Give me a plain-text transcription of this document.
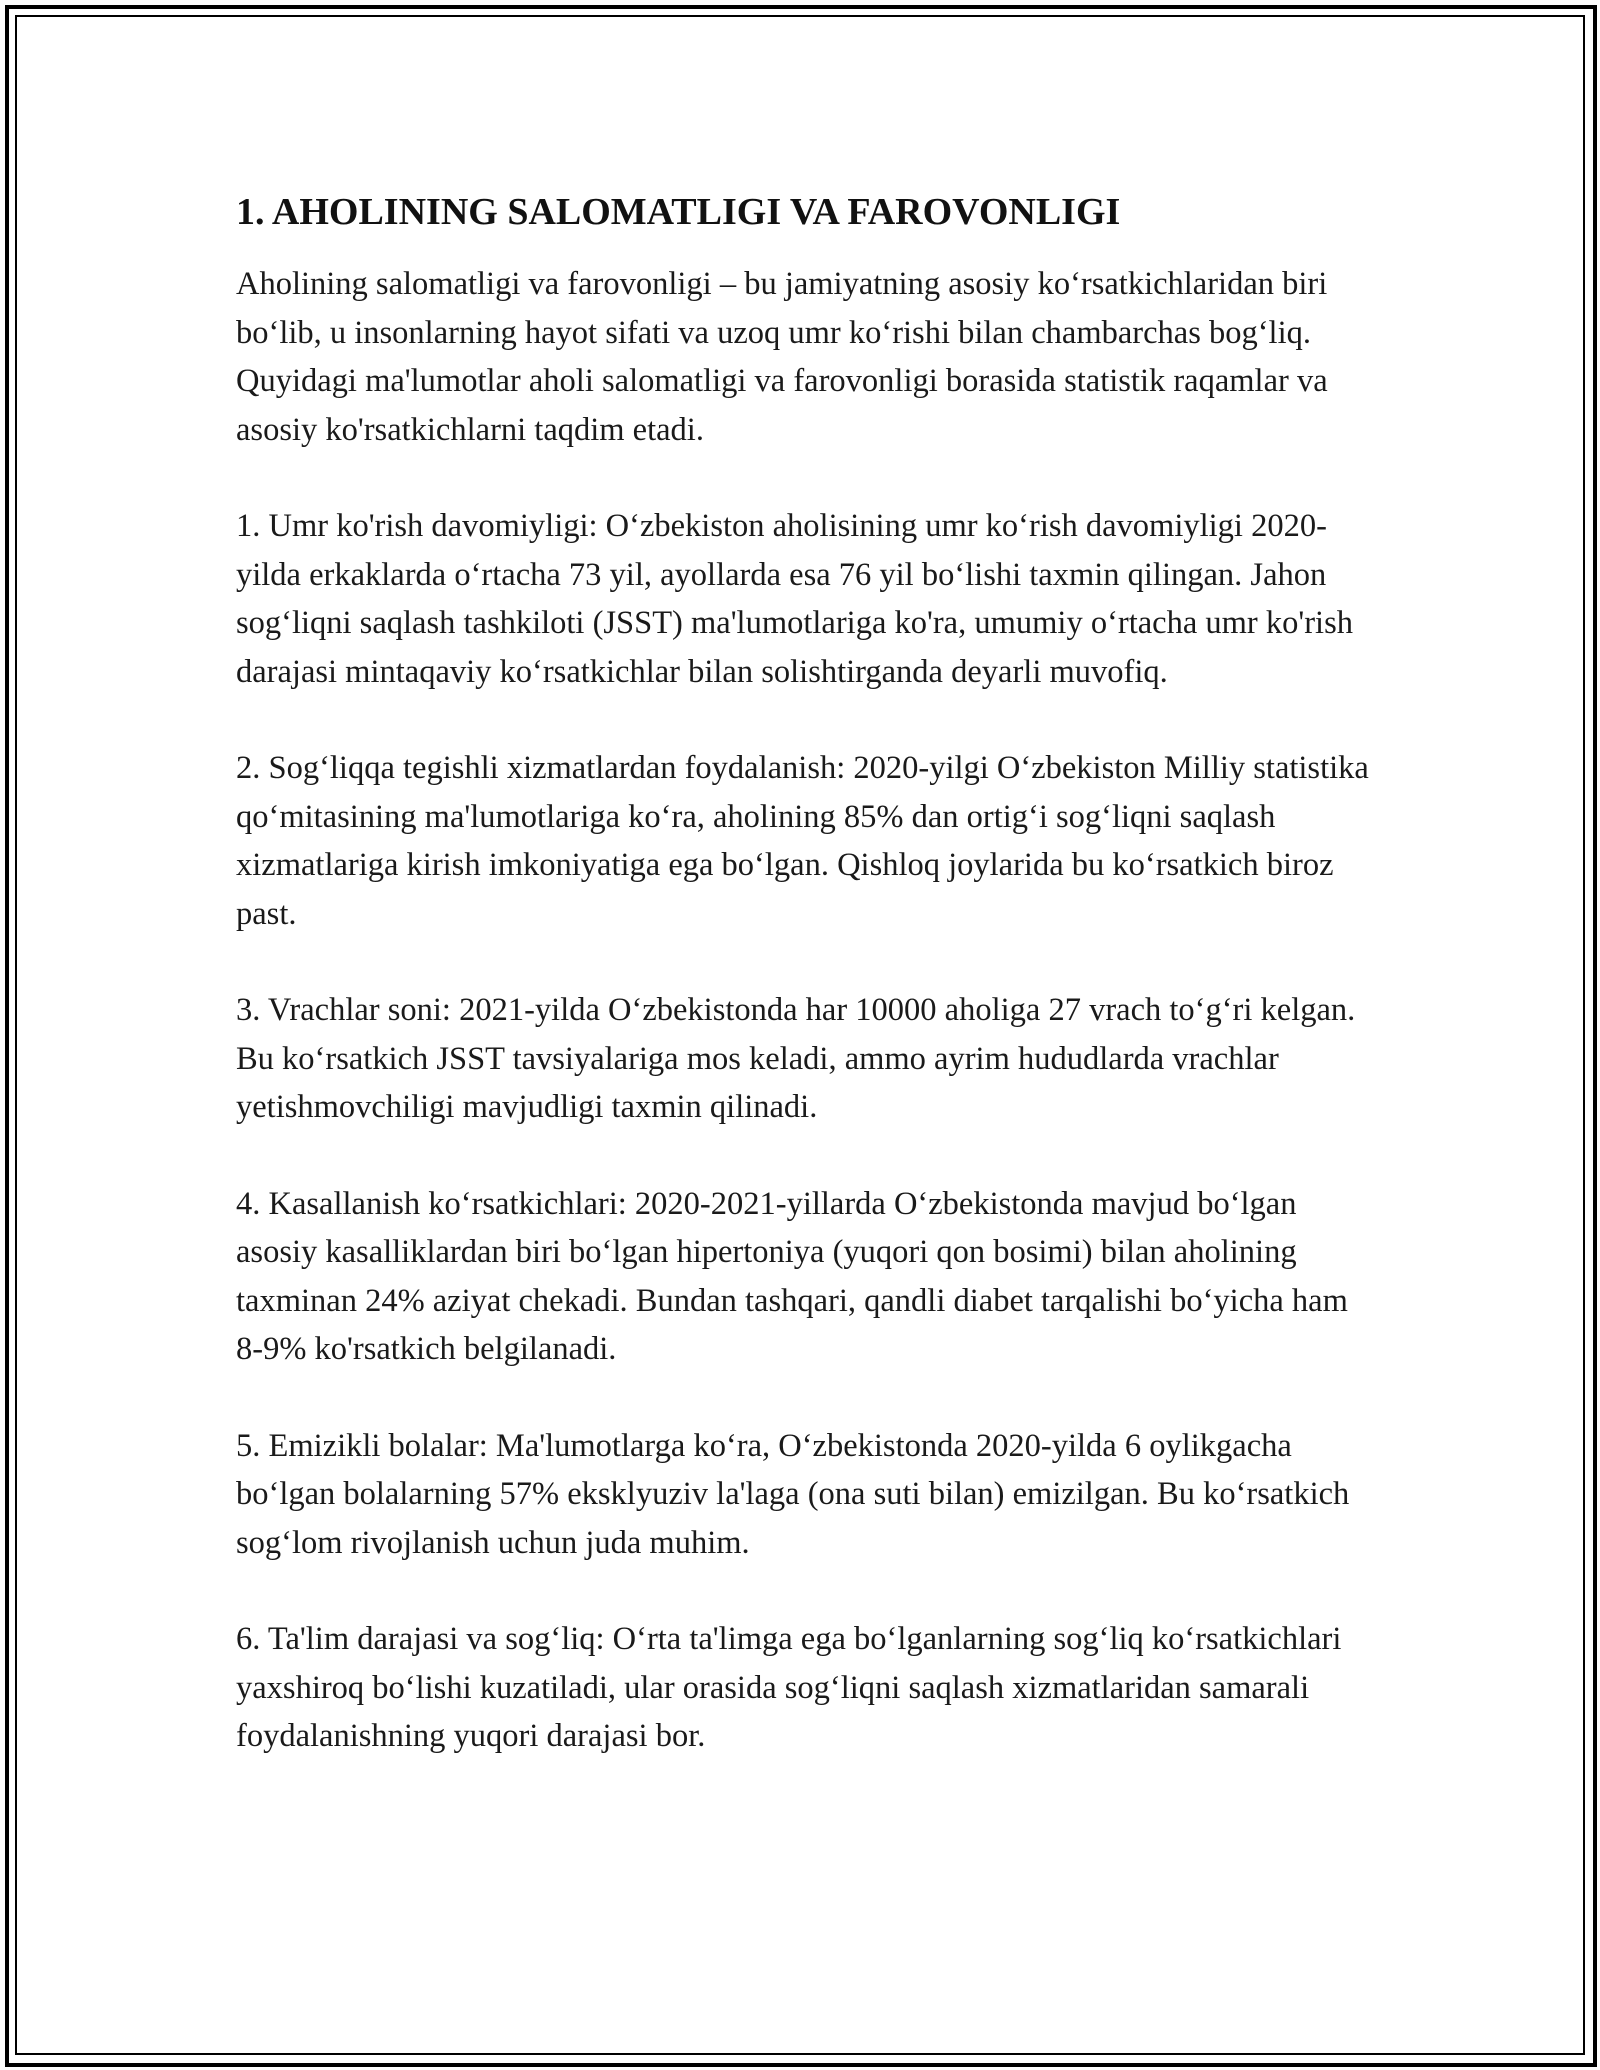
1. AHOLINING SALOMATLIGI VA FAROVONLIGI

Aholining salomatligi va farovonligi – bu jamiyatning asosiy koʻrsatkichlaridan biri boʻlib, u insonlarning hayot sifati va uzoq umr koʻrishi bilan chambarchas bogʻliq. Quyidagi ma'lumotlar aholi salomatligi va farovonligi borasida statistik raqamlar va asosiy ko'rsatkichlarni taqdim etadi.

1. Umr ko'rish davomiyligi: Oʻzbekiston aholisining umr koʻrish davomiyligi 2020-yilda erkaklarda oʻrtacha 73 yil, ayollarda esa 76 yil boʻlishi taxmin qilingan. Jahon sogʻliqni saqlash tashkiloti (JSST) ma'lumotlariga ko'ra, umumiy oʻrtacha umr ko'rish darajasi mintaqaviy koʻrsatkichlar bilan solishtirganda deyarli muvofiq.

2. Sogʻliqqa tegishli xizmatlardan foydalanish: 2020-yilgi Oʻzbekiston Milliy statistika qoʻmitasining ma'lumotlariga koʻra, aholining 85% dan ortigʻi sogʻliqni saqlash xizmatlariga kirish imkoniyatiga ega boʻlgan. Qishloq joylarida bu koʻrsatkich biroz past.

3. Vrachlar soni: 2021-yilda Oʻzbekistonda har 10000 aholiga 27 vrach toʻgʻri kelgan. Bu koʻrsatkich JSST tavsiyalariga mos keladi, ammo ayrim hududlarda vrachlar yetishmovchiligi mavjudligi taxmin qilinadi.

4. Kasallanish koʻrsatkichlari: 2020-2021-yillarda Oʻzbekistonda mavjud boʻlgan asosiy kasalliklardan biri boʻlgan hipertoniya (yuqori qon bosimi) bilan aholining taxminan 24% aziyat chekadi. Bundan tashqari, qandli diabet tarqalishi boʻyicha ham 8-9% ko'rsatkich belgilanadi.

5. Emizikli bolalar: Ma'lumotlarga koʻra, Oʻzbekistonda 2020-yilda 6 oylikgacha boʻlgan bolalarning 57% eksklyuziv la'laga (ona suti bilan) emizilgan. Bu koʻrsatkich sogʻlom rivojlanish uchun juda muhim.

6. Ta'lim darajasi va sogʻliq: Oʻrta ta'limga ega boʻlganlarning sogʻliq koʻrsatkichlari yaxshiroq boʻlishi kuzatiladi, ular orasida sogʻliqni saqlash xizmatlaridan samarali foydalanishning yuqori darajasi bor.
